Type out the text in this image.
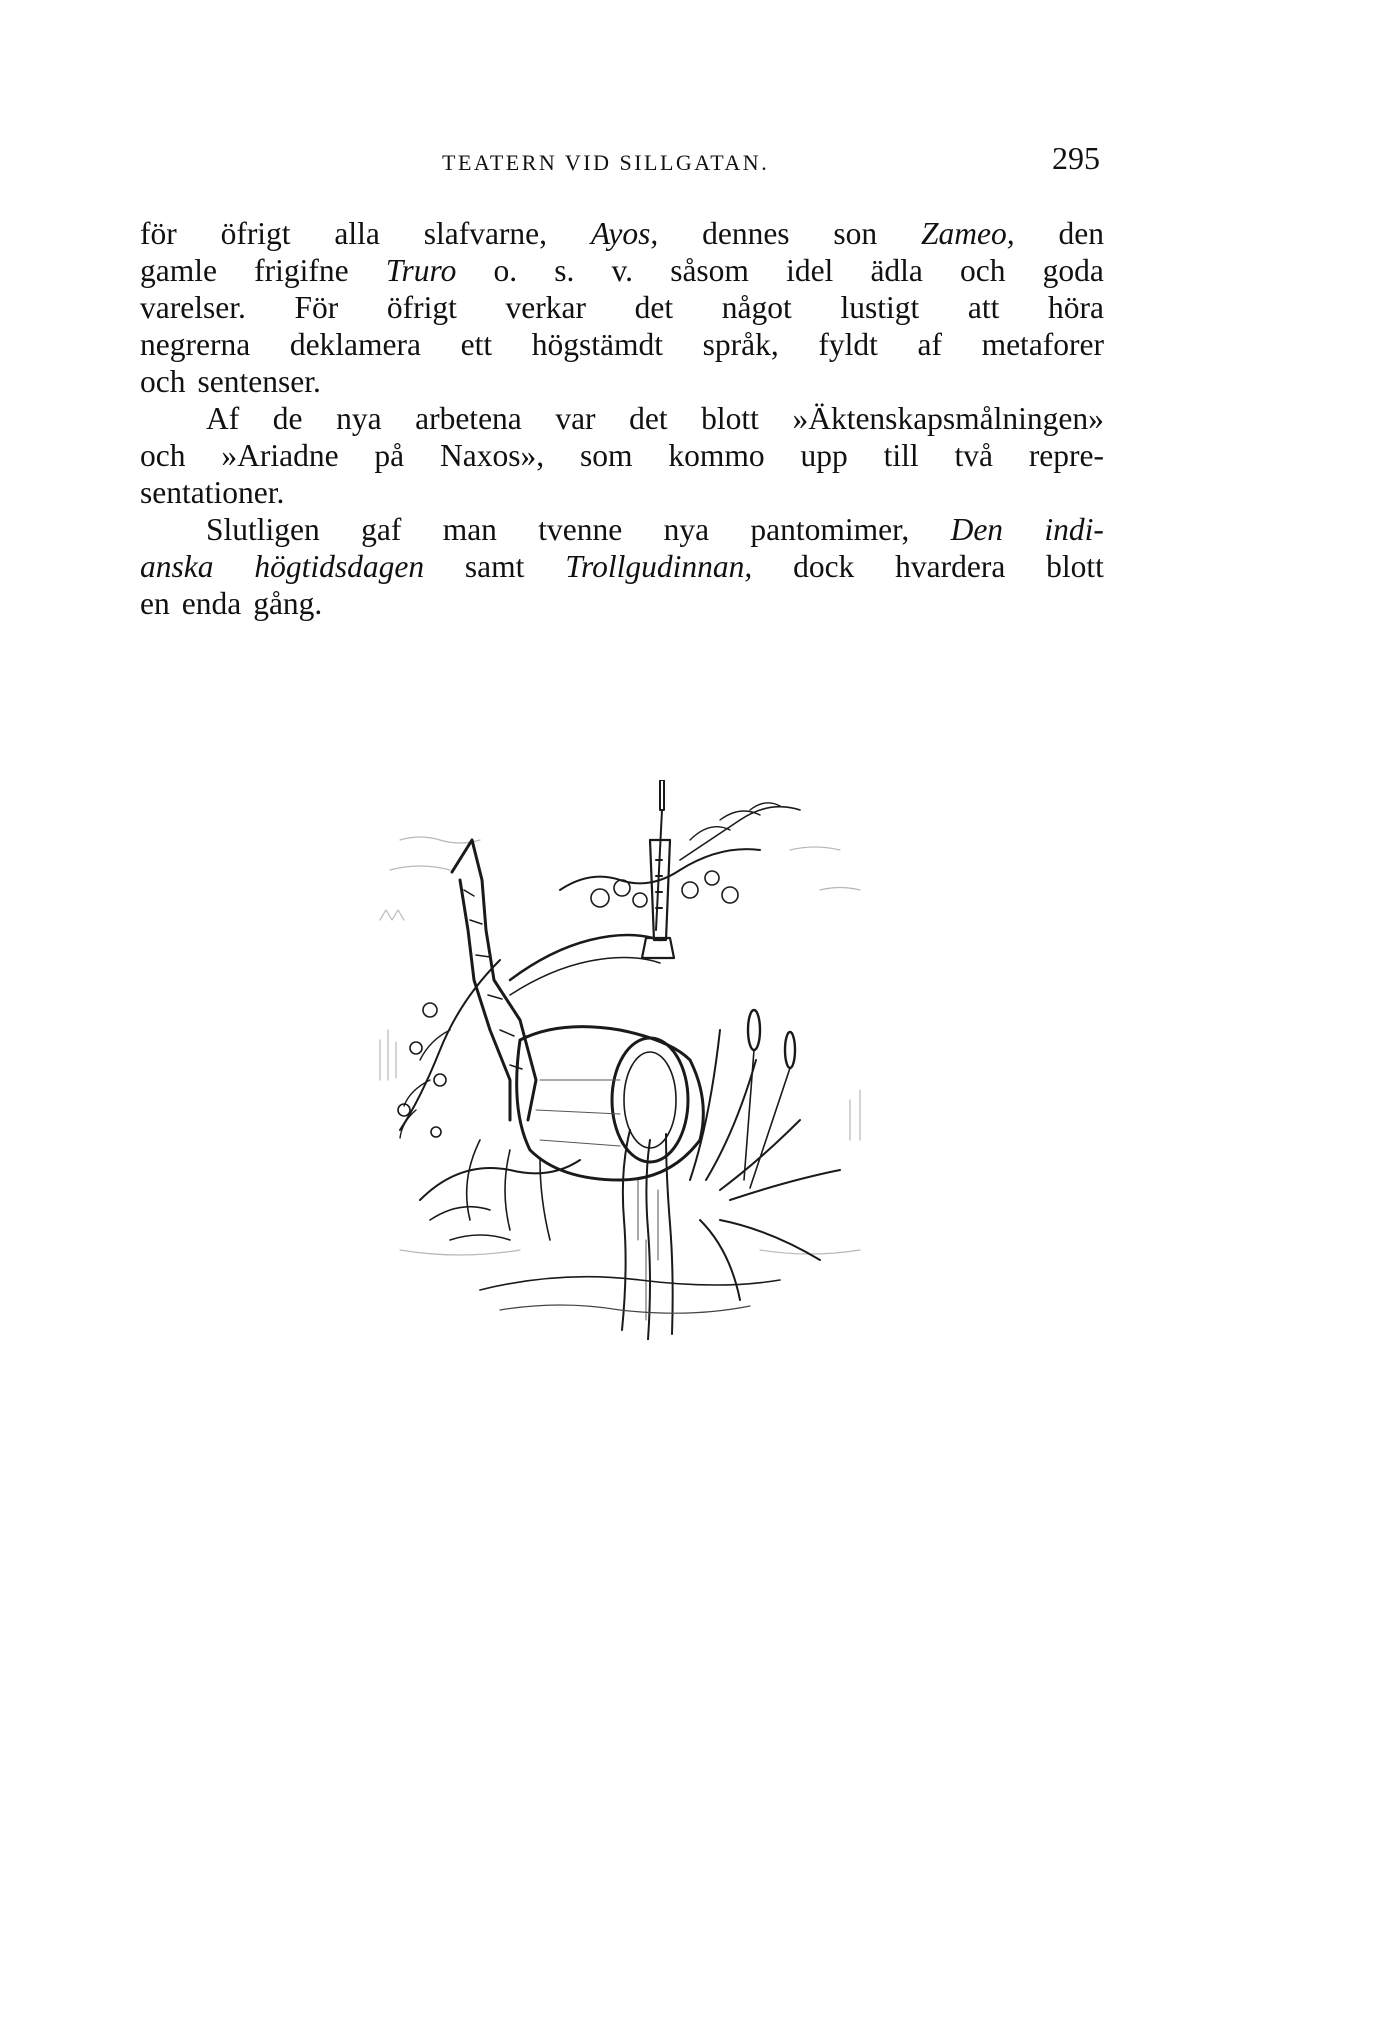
TEATERN VID SILLGATAN.	295
för öfrigt alla slafvarne, Ayos, dennes son Zameo, den
gamle frigifne Truro o. s. v. såsom idel ädla och goda
varelser. För öfrigt verkar det något lustigt att höra
negrerna deklamera ett högstämdt språk, fyldt af metaforer
och sentenser.
Af de nya arbetena var det blott »Äktenskapsmålningen»
och »Ariadne på Naxos», som kommo upp till två repre-
sentationer.
Slutligen gaf man tvenne nya pantomimer, Den indi-
anska högtidsdagen samt Trollgudinnan, dock hvardera blott
en enda gång.
